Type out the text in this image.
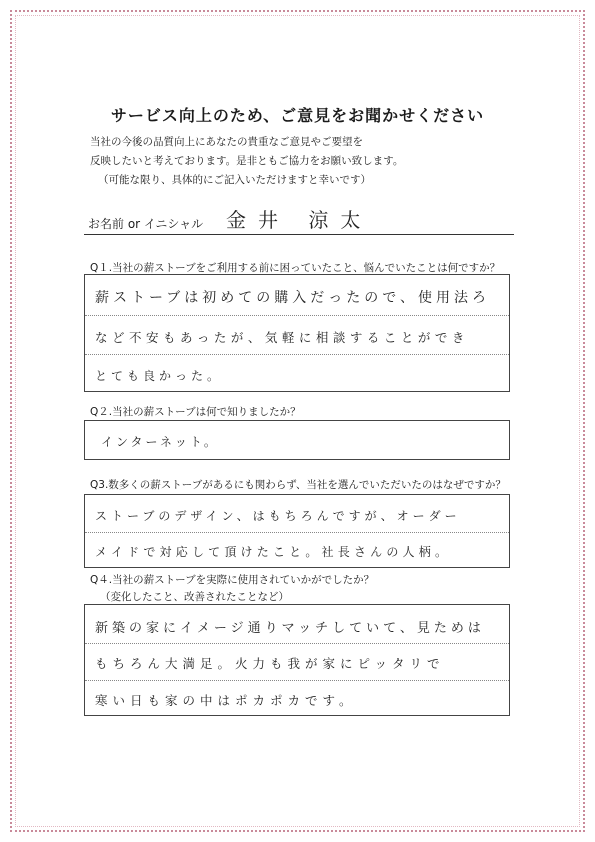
サービス向上のため、ご意見をお聞かせください
当社の今後の品質向上にあなたの貴重なご意見やご要望を
反映したいと考えております。是非ともご協力をお願い致します。
（可能な限り、具体的にご記入いただけますと幸いです）
お名前 or イニシャル 金井 涼太
Q１.当社の薪ストーブをご利用する前に困っていたこと、悩んでいたことは何ですか？
薪ストーブは初めての購入だったので、使用法ろ
など不安もあったが、気軽に相談することができ
とても良かった。
Q２.当社の薪ストーブは何で知りましたか？
インターネット。
Q3.数多くの薪ストーブがあるにも関わらず、当社を選んでいただいたのはなぜですか？
ストーブのデザイン、はもちろんですが、オーダー
メイドで対応して頂けたこと。社長さんの人柄。
Q４.当社の薪ストーブを実際に使用されていかがでしたか？
（変化したこと、改善されたことなど）
新築の家にイメージ通りマッチしていて、見ためは
もちろん大満足。火力も我が家にピッタリで
寒い日も家の中はポカポカです。
